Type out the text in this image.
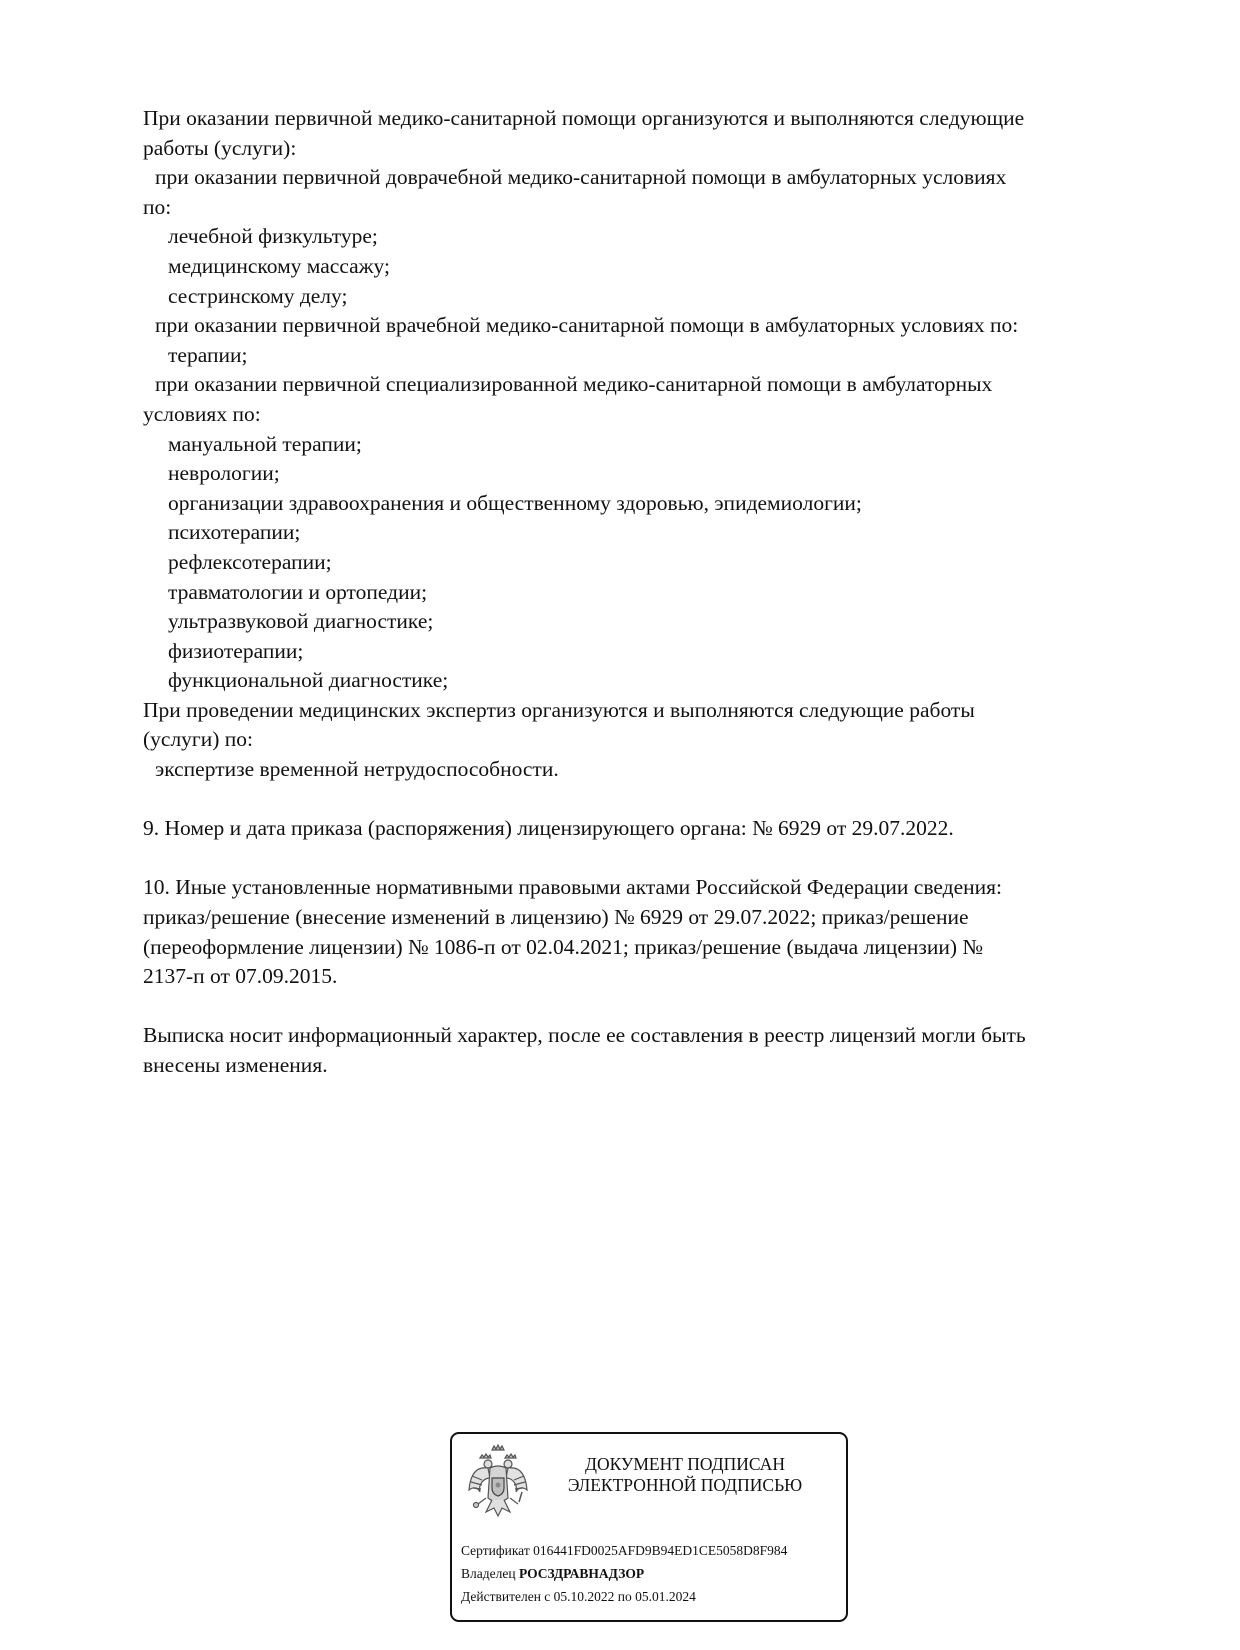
При оказании первичной медико-санитарной помощи организуются и выполняются следующие
работы (услуги):
при оказании первичной доврачебной медико-санитарной помощи в амбулаторных условиях
по:
лечебной физкультуре;
медицинскому массажу;
сестринскому делу;
при оказании первичной врачебной медико-санитарной помощи в амбулаторных условиях по:
терапии;
при оказании первичной специализированной медико-санитарной помощи в амбулаторных
условиях по:
мануальной терапии;
неврологии;
организации здравоохранения и общественному здоровью, эпидемиологии;
психотерапии;
рефлексотерапии;
травматологии и ортопедии;
ультразвуковой диагностике;
физиотерапии;
функциональной диагностике;
При проведении медицинских экспертиз организуются и выполняются следующие работы
(услуги) по:
экспертизе временной нетрудоспособности.
9. Номер и дата приказа (распоряжения) лицензирующего органа: № 6929 от 29.07.2022.
10. Иные установленные нормативными правовыми актами Российской Федерации сведения:
приказ/решение (внесение изменений в лицензию) № 6929 от 29.07.2022; приказ/решение
(переоформление лицензии) № 1086-п от 02.04.2021; приказ/решение (выдача лицензии) №
2137-п от 07.09.2015.
Выписка носит информационный характер, после ее составления в реестр лицензий могли быть
внесены изменения.
ДОКУМЕНТ ПОДПИСАН
ЭЛЕКТРОННОЙ ПОДПИСЬЮ
Сертификат 016441FD0025AFD9B94ED1CE5058D8F984
Владелец РОСЗДРАВНАДЗОР
Действителен с 05.10.2022 по 05.01.2024
